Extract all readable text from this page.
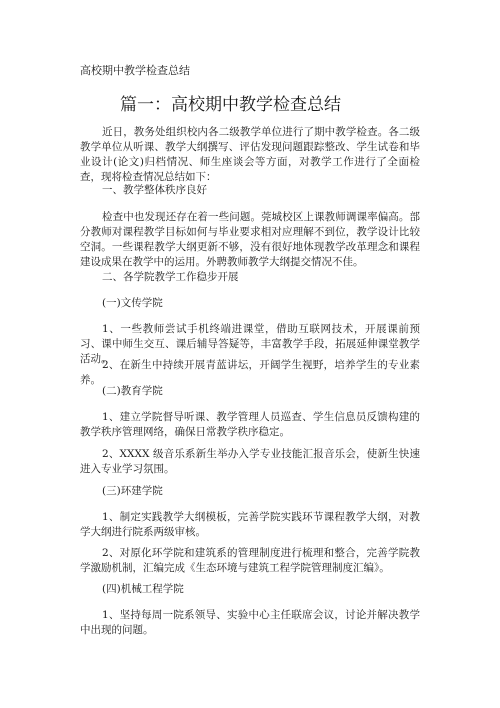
高校期中教学检查总结
篇一：高校期中教学检查总结

近日，教务处组织校内各二级教学单位进行了期中教学检查。各二级教学单位从听课、教学大纲撰写、评估发现问题跟踪整改、学生试卷和毕业设计(论文)归档情况、师生座谈会等方面，对教学工作进行了全面检查，现将检查情况总结如下：

一、教学整体秩序良好

检查中也发现还存在着一些问题。莞城校区上课教师调课率偏高。部分教师对课程教学目标如何与毕业要求相对应理解不到位，教学设计比较空洞。一些课程教学大纲更新不够，没有很好地体现教学改革理念和课程建设成果在教学中的运用。外聘教师教学大纲提交情况不佳。

二、各学院教学工作稳步开展

(一)文传学院

1、一些教师尝试手机终端进课堂，借助互联网技术，开展课前预习、课中师生交互、课后辅导答疑等，丰富教学手段，拓展延伸课堂教学活动。

2、在新生中持续开展青蓝讲坛，开阔学生视野，培养学生的专业素养。

(二)教育学院

1、建立学院督导听课、教学管理人员巡查、学生信息员反馈构建的教学秩序管理网络，确保日常教学秩序稳定。

2、XXXX 级音乐系新生举办入学专业技能汇报音乐会，使新生快速进入专业学习氛围。

(三)环建学院

1、制定实践教学大纲模板，完善学院实践环节课程教学大纲，对教学大纲进行院系两级审核。

2、对原化环学院和建筑系的管理制度进行梳理和整合，完善学院教学激励机制，汇编完成《生态环境与建筑工程学院管理制度汇编》。

(四)机械工程学院

1、坚持每周一院系领导、实验中心主任联席会议，讨论并解决教学中出现的问题。
